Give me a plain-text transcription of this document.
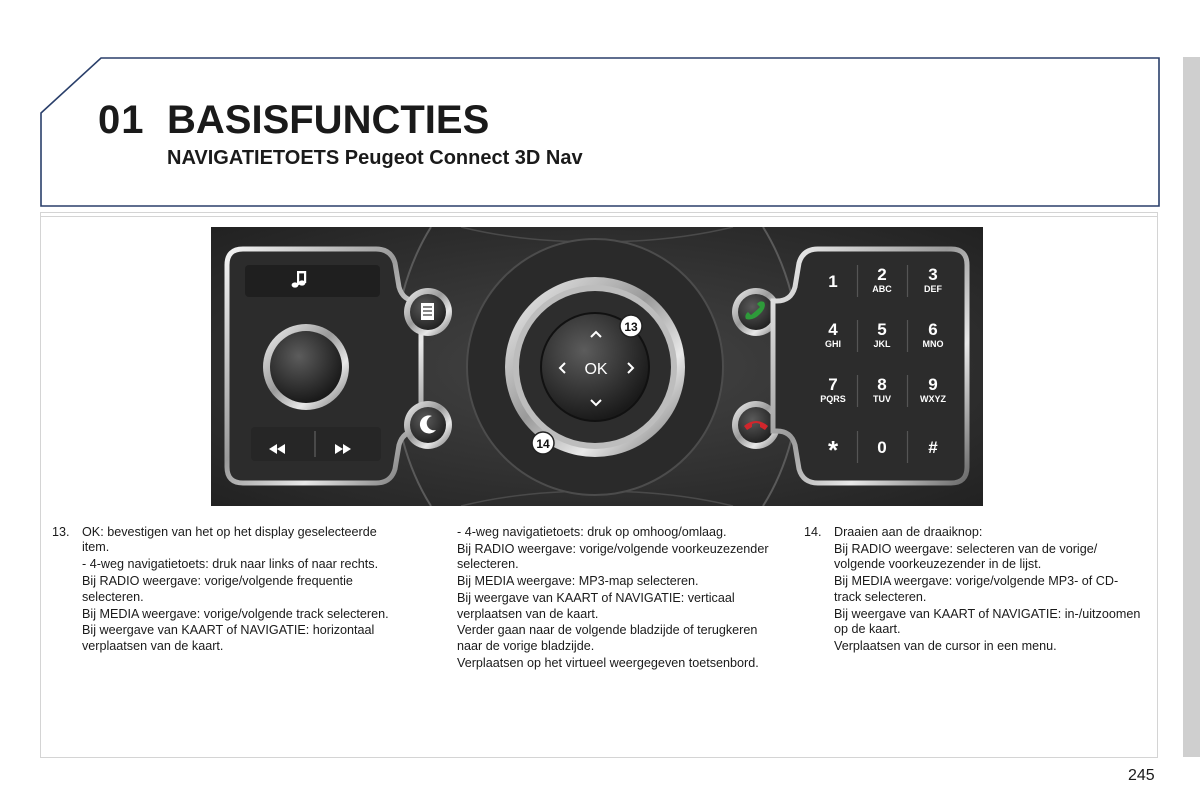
01 BASISFUNCTIES
NAVIGATIETOETS Peugeot Connect 3D Nav
OK
13
14
1 2
ABC
3
DEF
4
GHI
5
JKL
6
MNO
7
PQRS
8
TUV
9
WXYZ
* 0 #
13. OK: bevestigen van het op het display geselecteerde item.

- 4-weg navigatietoets: druk naar links of naar rechts.

Bij RADIO weergave: vorige/volgende frequentie selecteren.

Bij MEDIA weergave: vorige/volgende track selecteren.

Bij weergave van KAART of NAVIGATIE: horizontaal verplaatsen van de kaart.

- 4-weg navigatietoets: druk op omhoog/omlaag.

Bij RADIO weergave: vorige/volgende voorkeuzezender selecteren.

Bij MEDIA weergave: MP3-map selecteren.

Bij weergave van KAART of NAVIGATIE: verticaal verplaatsen van de kaart.

Verder gaan naar de volgende bladzijde of terugkeren naar de vorige bladzijde.

Verplaatsen op het virtueel weergegeven toetsenbord.

14. Draaien aan de draaiknop:

Bij RADIO weergave: selecteren van de vorige/ volgende voorkeuzezender in de lijst.

Bij MEDIA weergave: vorige/volgende MP3- of CD-track selecteren.

Bij weergave van KAART of NAVIGATIE: in-/uitzoomen op de kaart.

Verplaatsen van de cursor in een menu.

245
